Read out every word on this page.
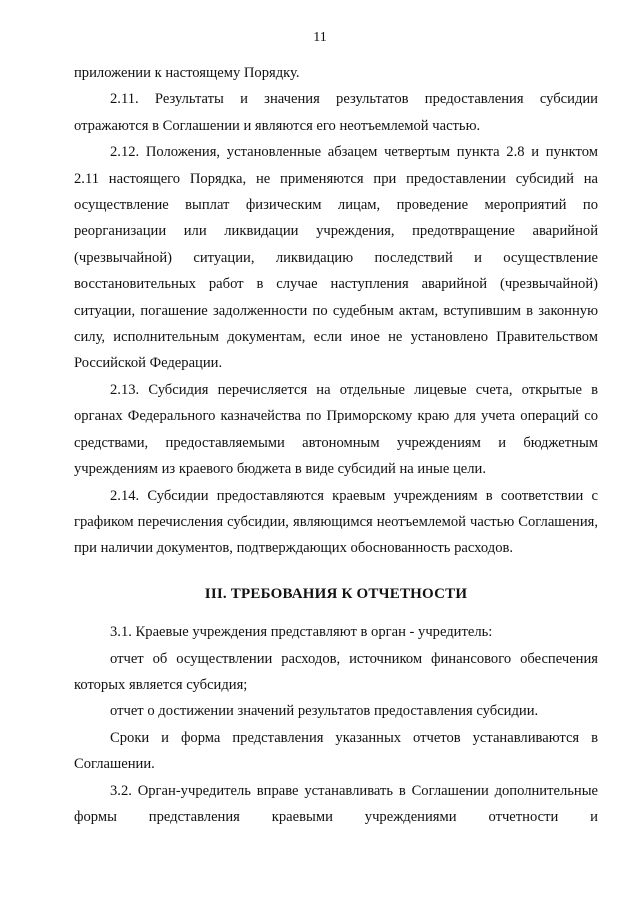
11

приложении к настоящему Порядку.

2.11. Результаты и значения результатов предоставления субсидии отражаются в Соглашении и являются его неотъемлемой частью.

2.12. Положения, установленные абзацем четвертым пункта 2.8 и пунктом 2.11 настоящего Порядка, не применяются при предоставлении субсидий на осуществление выплат физическим лицам, проведение мероприятий по реорганизации или ликвидации учреждения, предотвращение аварийной (чрезвычайной) ситуации, ликвидацию последствий и осуществление восстановительных работ в случае наступления аварийной (чрезвычайной) ситуации, погашение задолженности по судебным актам, вступившим в законную силу, исполнительным документам, если иное не установлено Правительством Российской Федерации.

2.13. Субсидия перечисляется на отдельные лицевые счета, открытые в органах Федерального казначейства по Приморскому краю для учета операций со средствами, предоставляемыми автономным учреждениям и бюджетным учреждениям из краевого бюджета в виде субсидий на иные цели.

2.14. Субсидии предоставляются краевым учреждениям в соответствии с графиком перечисления субсидии, являющимся неотъемлемой частью Соглашения, при наличии документов, подтверждающих обоснованность расходов.

III. ТРЕБОВАНИЯ К ОТЧЕТНОСТИ

3.1. Краевые учреждения представляют в орган - учредитель:

отчет об осуществлении расходов, источником финансового обеспечения которых является субсидия;

отчет о достижении значений результатов предоставления субсидии.

Сроки и форма представления указанных отчетов устанавливаются в Соглашении.

3.2. Орган-учредитель вправе устанавливать в Соглашении дополнительные формы представления краевыми учреждениями отчетности и
